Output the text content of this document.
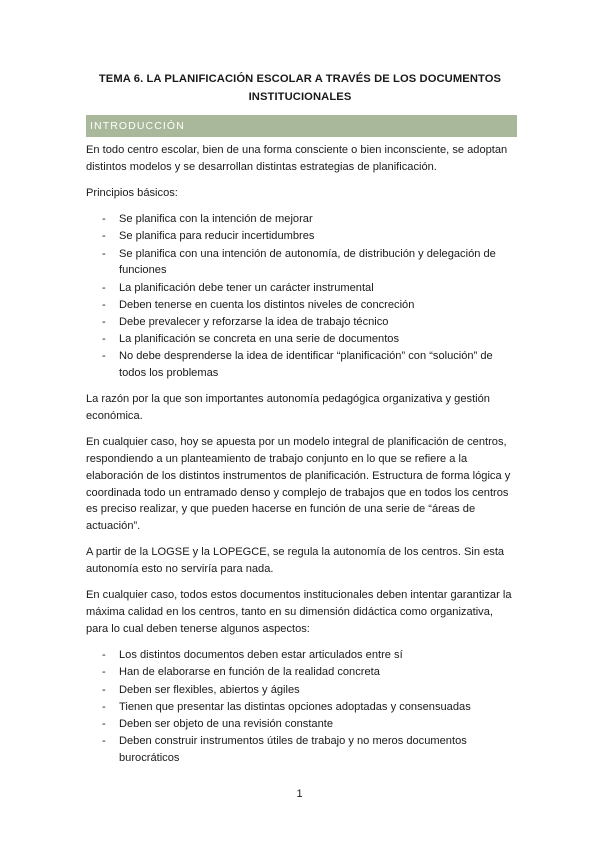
TEMA 6. LA PLANIFICACIÓN ESCOLAR A TRAVÉS DE LOS DOCUMENTOS
INSTITUCIONALES
INTRODUCCIÓN

En todo centro escolar, bien de una forma consciente o bien inconsciente, se adoptan distintos modelos y se desarrollan distintas estrategias de planificación.

Principios básicos:

- Se planifica con la intención de mejorar
- Se planifica para reducir incertidumbres
- Se planifica con una intención de autonomía, de distribución y delegación de funciones
- La planificación debe tener un carácter instrumental
- Deben tenerse en cuenta los distintos niveles de concreción
- Debe prevalecer y reforzarse la idea de trabajo técnico
- La planificación se concreta en una serie de documentos
- No debe desprenderse la idea de identificar “planificación” con “solución” de todos los problemas

La razón por la que son importantes autonomía pedagógica organizativa y gestión económica.

En cualquier caso, hoy se apuesta por un modelo integral de planificación de centros, respondiendo a un planteamiento de trabajo conjunto en lo que se refiere a la elaboración de los distintos instrumentos de planificación. Estructura de forma lógica y coordinada todo un entramado denso y complejo de trabajos que en todos los centros es preciso realizar, y que pueden hacerse en función de una serie de “áreas de actuación”.

A partir de la LOGSE y la LOPEGCE, se regula la autonomía de los centros. Sin esta autonomía esto no serviría para nada.

En cualquier caso, todos estos documentos institucionales deben intentar garantizar la máxima calidad en los centros, tanto en su dimensión didáctica como organizativa, para lo cual deben tenerse algunos aspectos:

- Los distintos documentos deben estar articulados entre sí
- Han de elaborarse en función de la realidad concreta
- Deben ser flexibles, abiertos y ágiles
- Tienen que presentar las distintas opciones adoptadas y consensuadas
- Deben ser objeto de una revisión constante
- Deben construir instrumentos útiles de trabajo y no meros documentos burocráticos
1
